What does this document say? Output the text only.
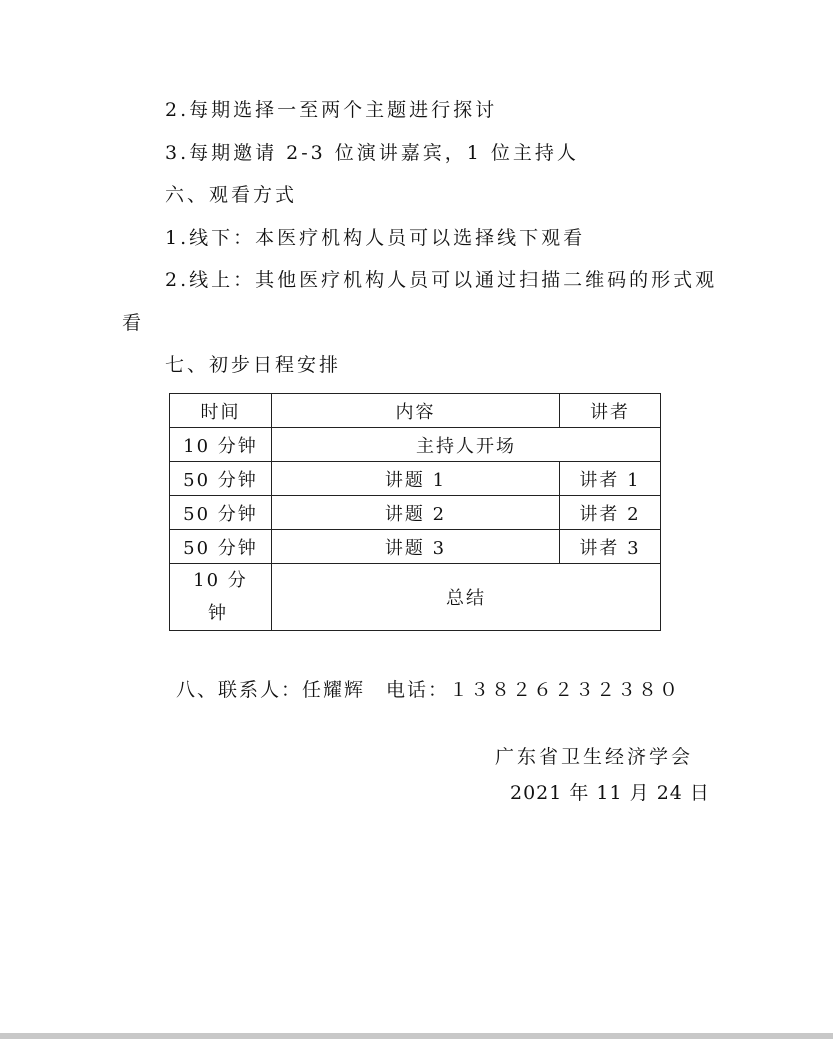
2.每期选择一至两个主题进行探讨
3.每期邀请 2-3 位演讲嘉宾，1 位主持人
六、观看方式
1.线下：本医疗机构人员可以选择线下观看
2.线上：其他医疗机构人员可以通过扫描二维码的形式观
看
七、初步日程安排
时间	内容	讲者
10 分钟	主持人开场	
50 分钟	讲题 1	讲者 1
50 分钟	讲题 2	讲者 2
50 分钟	讲题 3	讲者 3

10 分
钟	总结	
八、联系人：任耀辉　电话：１３８２６２３２３８０
广东省卫生经济学会
2021 年 11 月 24 日
